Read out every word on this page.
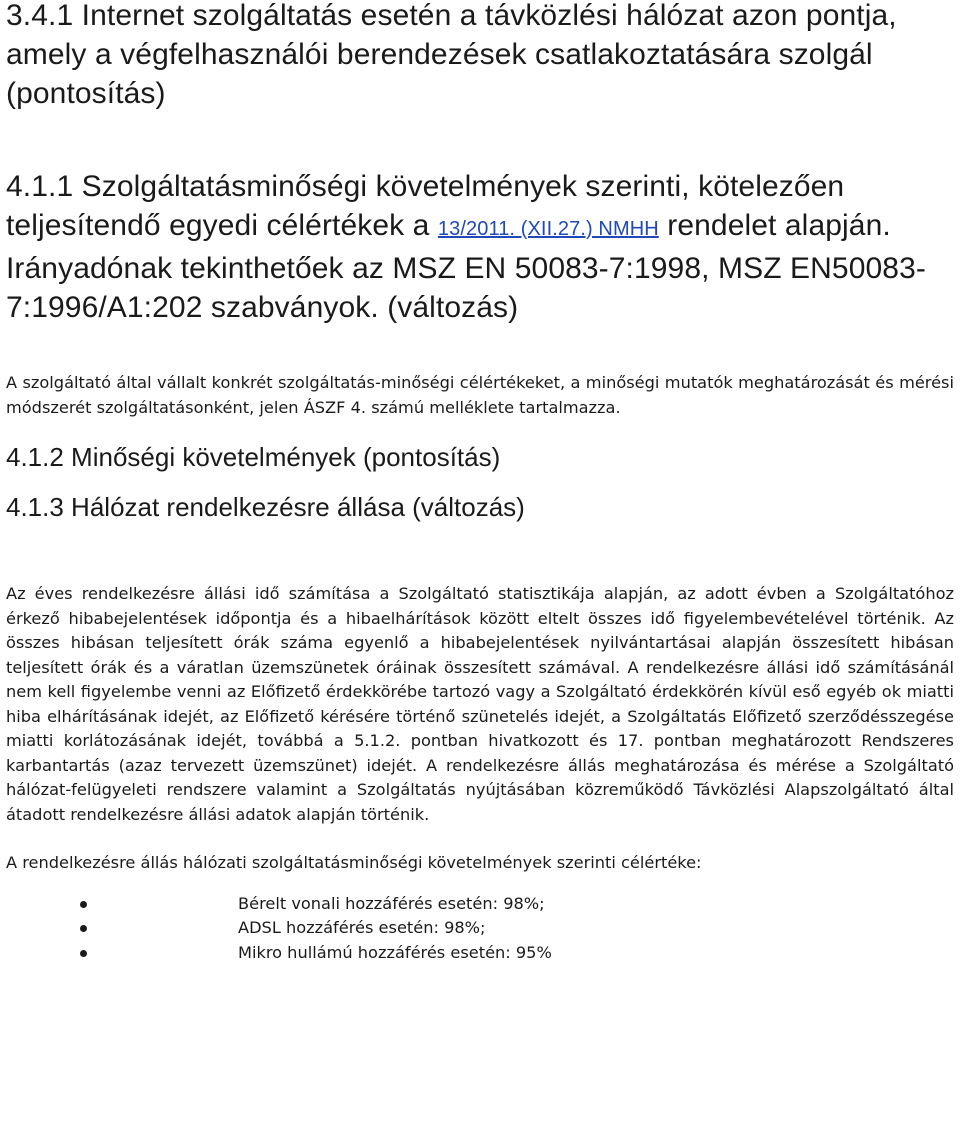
3.4.1 Internet szolgáltatás esetén a távközlési hálózat azon pontja, amely a végfelhasználói berendezések csatlakoztatására szolgál (pontosítás)
4.1.1 Szolgáltatásminőségi követelmények szerinti, kötelezően teljesítendő egyedi célértékek a 13/2011. (XII.27.) NMHH rendelet alapján. Irányadónak tekinthetőek az MSZ EN 50083-7:1998, MSZ EN50083-7:1996/A1:202 szabványok. (változás)

A szolgáltató által vállalt konkrét szolgáltatás-minőségi célértékeket, a minőségi mutatók meghatározását és mérési módszerét szolgáltatásonként, jelen ÁSZF 4. számú melléklete tartalmazza.

4.1.2 Minőségi követelmények (pontosítás)
4.1.3 Hálózat rendelkezésre állása (változás)

Az éves rendelkezésre állási idő számítása a Szolgáltató statisztikája alapján, az adott évben a Szolgáltatóhoz érkező hibabejelentések időpontja és a hibaelhárítások között eltelt összes idő figyelembevételével történik. Az összes hibásan teljesített órák száma egyenlő a hibabejelentések nyilvántartásai alapján összesített hibásan teljesített órák és a váratlan üzemszünetek óráinak összesített számával. A rendelkezésre állási idő számításánál nem kell figyelembe venni az Előfizető érdekkörébe tartozó vagy a Szolgáltató érdekkörén kívül eső egyéb ok miatti hiba elhárításának idejét, az Előfizető kérésére történő szünetelés idejét, a Szolgáltatás Előfizető szerződésszegése miatti korlátozásának idejét, továbbá a 5.1.2. pontban hivatkozott és 17. pontban meghatározott Rendszeres karbantartás (azaz tervezett üzemszünet) idejét. A rendelkezésre állás meghatározása és mérése a Szolgáltató hálózat-felügyeleti rendszere valamint a Szolgáltatás nyújtásában közreműködő Távközlési Alapszolgáltató által átadott rendelkezésre állási adatok alapján történik.

A rendelkezésre állás hálózati szolgáltatásminőségi követelmények szerinti célértéke:

Bérelt vonali hozzáférés esetén: 98%;
ADSL hozzáférés esetén: 98%;
Mikro hullámú hozzáférés esetén: 95%
